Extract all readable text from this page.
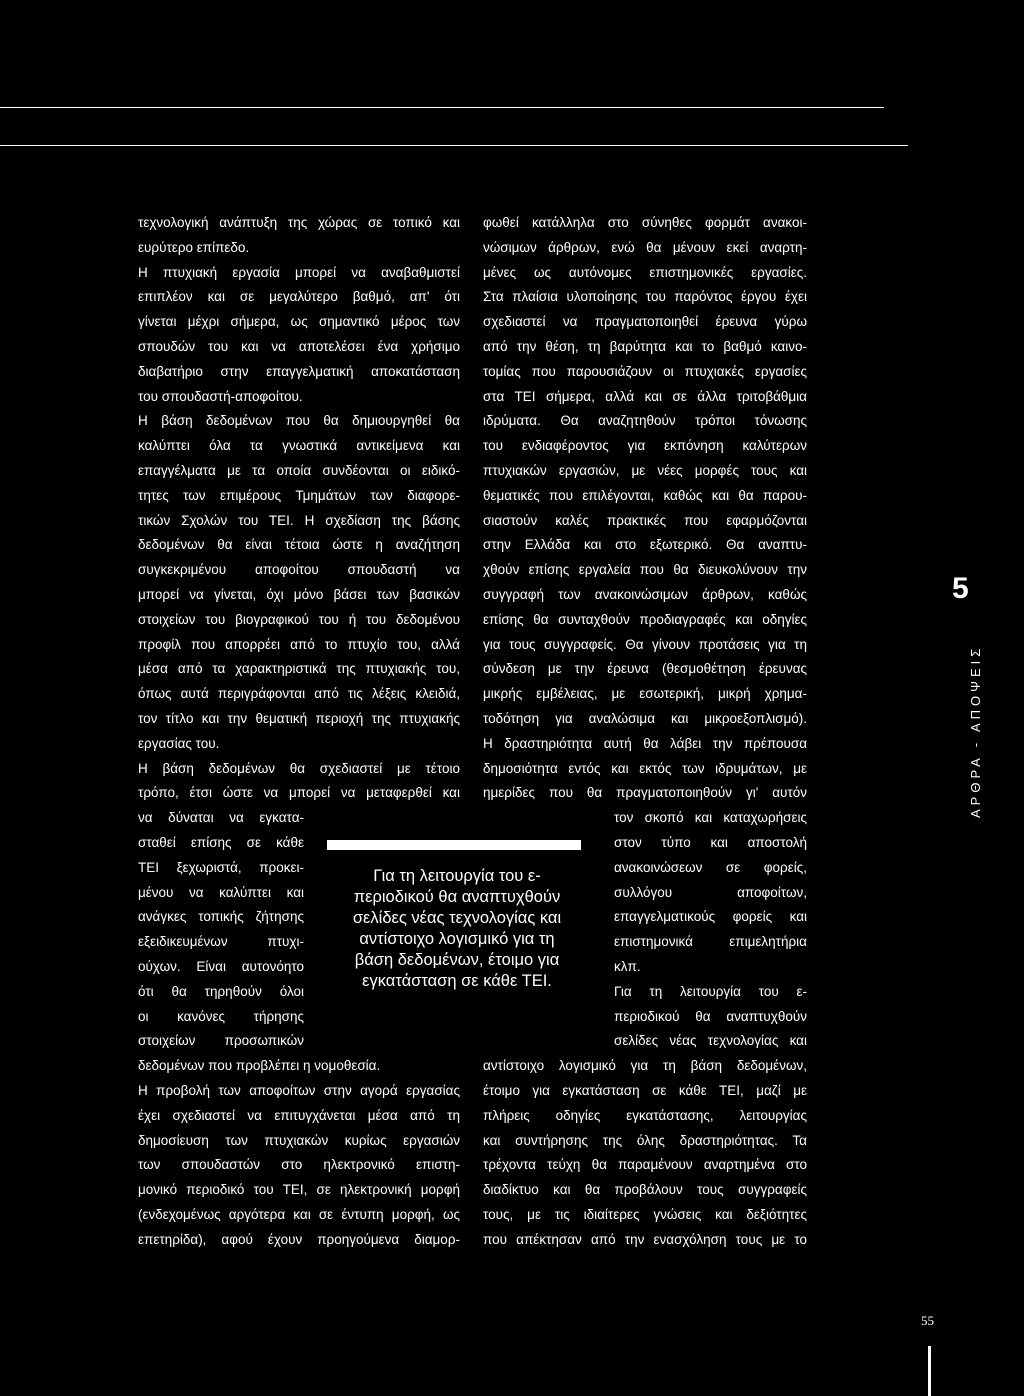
τεχνολογική ανάπτυξη της χώρας σε τοπικό και
ευρύτερο επίπεδο.
Η πτυχιακή εργασία μπορεί να αναβαθμιστεί
επιπλέον και σε μεγαλύτερο βαθμό, απ' ότι
γίνεται μέχρι σήμερα, ως σημαντικό μέρος των
σπουδών του και να αποτελέσει ένα χρήσιμο
διαβατήριο στην επαγγελματική αποκατάσταση
του σπουδαστή-αποφοίτου.
Η βάση δεδομένων που θα δημιουργηθεί θα
καλύπτει όλα τα γνωστικά αντικείμενα και
επαγγέλματα με τα οποία συνδέονται οι ειδικό-
τητες των επιμέρους Τμημάτων των διαφορε-
τικών Σχολών του ΤΕΙ. Η σχεδίαση της βάσης
δεδομένων θα είναι τέτοια ώστε η αναζήτηση
συγκεκριμένου αποφοίτου σπουδαστή να
μπορεί να γίνεται, όχι μόνο βάσει των βασικών
στοιχείων του βιογραφικού του ή του δεδομένου
προφίλ που απορρέει από το πτυχίο του, αλλά
μέσα από τα χαρακτηριστικά της πτυχιακής του,
όπως αυτά περιγράφονται από τις λέξεις κλειδιά,
τον τίτλο και την θεματική περιοχή της πτυχιακής
εργασίας του.
Η βάση δεδομένων θα σχεδιαστεί με τέτοιο
τρόπο, έτσι ώστε να μπορεί να μεταφερθεί και
να δύναται να εγκατα-
σταθεί επίσης σε κάθε
ΤΕΙ ξεχωριστά, προκει-
μένου να καλύπτει και
ανάγκες τοπικής ζήτησης
εξειδικευμένων πτυχι-
ούχων. Είναι αυτονόητο
ότι θα τηρηθούν όλοι
οι κανόνες τήρησης
στοιχείων προσωπικών
δεδομένων που προβλέπει η νομοθεσία.
Η προβολή των αποφοίτων στην αγορά εργασίας
έχει σχεδιαστεί να επιτυγχάνεται μέσα από τη
δημοσίευση των πτυχιακών κυρίως εργασιών
των σπουδαστών στο ηλεκτρονικό επιστη-
μονικό περιοδικό του ΤΕΙ, σε ηλεκτρονική μορφή
(ενδεχομένως αργότερα και σε έντυπη μορφή, ως
επετηρίδα), αφού έχουν προηγούμενα διαμορ-
φωθεί κατάλληλα στο σύνηθες φορμάτ ανακοι-
νώσιμων άρθρων, ενώ θα μένουν εκεί αναρτη-
μένες ως αυτόνομες επιστημονικές εργασίες.
Στα πλαίσια υλοποίησης του παρόντος έργου έχει
σχεδιαστεί να πραγματοποιηθεί έρευνα γύρω
από την θέση, τη βαρύτητα και το βαθμό καινο-
τομίας που παρουσιάζουν οι πτυχιακές εργασίες
στα ΤΕΙ σήμερα, αλλά και σε άλλα τριτοβάθμια
ιδρύματα. Θα αναζητηθούν τρόποι τόνωσης
του ενδιαφέροντος για εκπόνηση καλύτερων
πτυχιακών εργασιών, με νέες μορφές τους και
θεματικές που επιλέγονται, καθώς και θα παρου-
σιαστούν καλές πρακτικές που εφαρμόζονται
στην Ελλάδα και στο εξωτερικό. Θα αναπτυ-
χθούν επίσης εργαλεία που θα διευκολύνουν την
συγγραφή των ανακοινώσιμων άρθρων, καθώς
επίσης θα συνταχθούν προδιαγραφές και οδηγίες
για τους συγγραφείς. Θα γίνουν προτάσεις για τη
σύνδεση με την έρευνα (θεσμοθέτηση έρευνας
μικρής εμβέλειας, με εσωτερική, μικρή χρημα-
τοδότηση για αναλώσιμα και μικροεξοπλισμό).
Η δραστηριότητα αυτή θα λάβει την πρέπουσα
δημοσιότητα εντός και εκτός των ιδρυμάτων, με
ημερίδες που θα πραγματοποιηθούν γι' αυτόν
τον σκοπό και καταχωρήσεις
στον τύπο και αποστολή
ανακοινώσεων σε φορείς,
συλλόγου αποφοίτων,
επαγγελματικούς φορείς και
επιστημονικά επιμελητήρια
κλπ.
Για τη λειτουργία του ε-
περιοδικού θα αναπτυχθούν
σελίδες νέας τεχνολογίας και
αντίστοιχο λογισμικό για τη βάση δεδομένων,
έτοιμο για εγκατάσταση σε κάθε ΤΕΙ, μαζί με
πλήρεις οδηγίες εγκατάστασης, λειτουργίας
και συντήρησης της όλης δραστηριότητας. Τα
τρέχοντα τεύχη θα παραμένουν αναρτημένα στο
διαδίκτυο και θα προβάλουν τους συγγραφείς
τους, με τις ιδιαίτερες γνώσεις και δεξιότητες
που απέκτησαν από την ενασχόληση τους με το
Για τη λειτουργία του ε-
περιοδικού θα αναπτυχθούν
σελίδες νέας τεχνολογίας και
αντίστοιχο λογισμικό για τη
βάση δεδομένων, έτοιμο για
εγκατάσταση σε κάθε ΤΕΙ.
5
ΑΡΘΡΑ - ΑΠΟΨΕΙΣ
55
